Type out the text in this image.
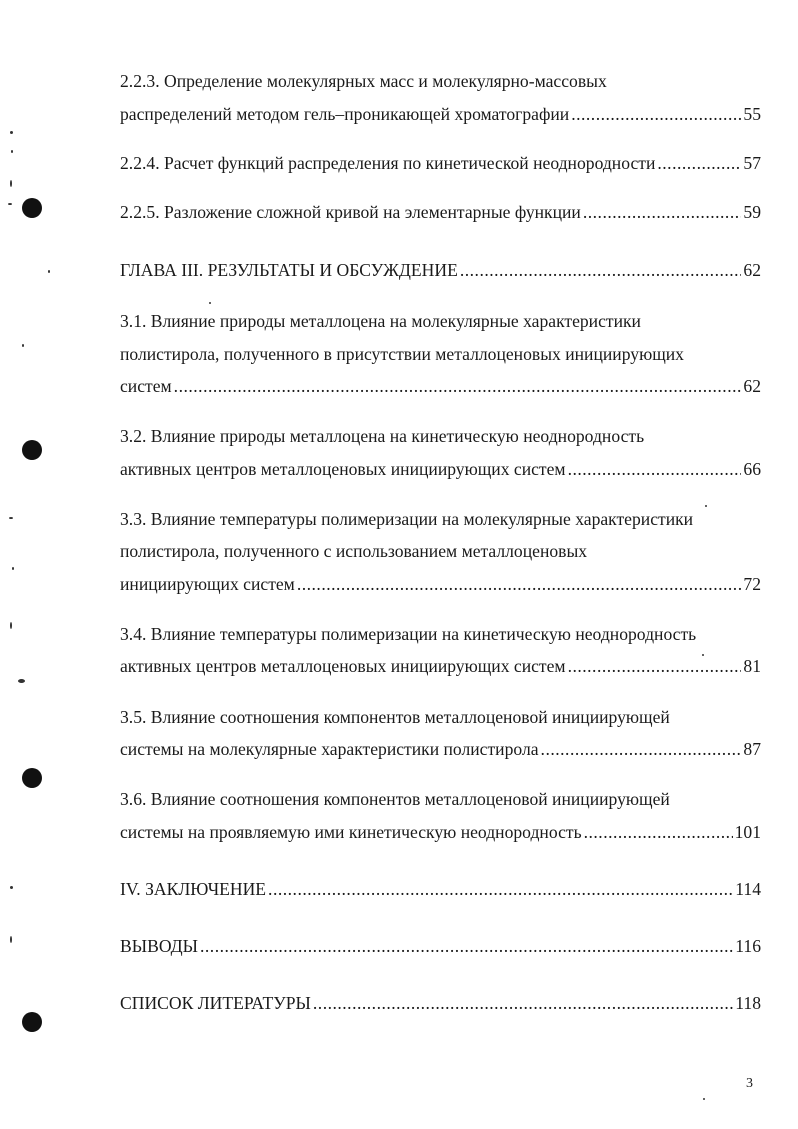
2.2.3. Определение молекулярных масс и молекулярно-массовых
распределений методом гель–проникающей хроматографии .....	55
2.2.4. Расчет функций распределения по кинетической неоднородности .....	57
2.2.5. Разложение сложной кривой на элементарные функции .....	59
ГЛАВА III. РЕЗУЛЬТАТЫ И ОБСУЖДЕНИЕ .....	62
3.1. Влияние природы металлоцена на молекулярные характеристики
полистирола, полученного в присутствии металлоценовых инициирующих
систем .....	62
3.2. Влияние природы металлоцена на кинетическую неоднородность
активных центров металлоценовых инициирующих систем .....	66
3.3. Влияние температуры полимеризации на молекулярные характеристики
полистирола, полученного с использованием металлоценовых
инициирующих систем .....	72
3.4. Влияние температуры полимеризации на кинетическую неоднородность
активных центров металлоценовых инициирующих систем .....	81
3.5. Влияние соотношения компонентов металлоценовой инициирующей
системы на молекулярные характеристики полистирола .....	87
3.6. Влияние соотношения компонентов металлоценовой инициирующей
системы на проявляемую ими кинетическую неоднородность .....	101
IV. ЗАКЛЮЧЕНИЕ .....	114
ВЫВОДЫ .....	116
СПИСОК ЛИТЕРАТУРЫ .....	118
3
